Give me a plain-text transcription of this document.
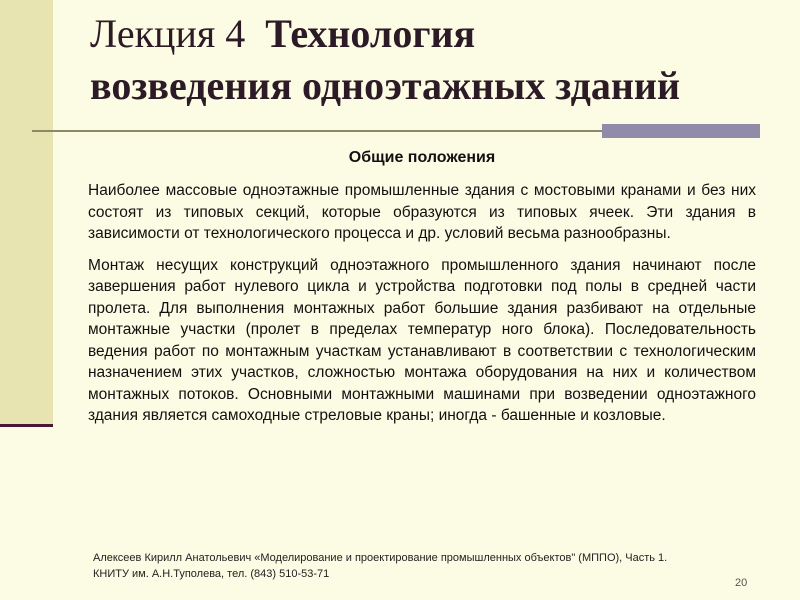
Лекция 4 Технология
возведения одноэтажных зданий
Общие положения

Наиболее массовые одноэтажные промышленные здания с мостовыми кранами и без них состоят из типовых секций, которые образуются из типовых ячеек. Эти здания в зависимости от технологического процесса и др. условий весьма разнообразны.

Монтаж несущих конструкций одноэтажного промышленного здания начинают после завершения работ нулевого цикла и устройства подготовки под полы в средней части пролета. Для выполнения монтажных работ большие здания разбивают на отдельные монтажные участки (пролет в пределах температур ного блока). Последовательность ведения работ по монтажным участкам устанавливают в соответствии с технологическим назначением этих участков, сложностью монтажа оборудования на них и количеством монтажных потоков. Основными монтажными машинами при возведении одноэтажного здания является самоходные стреловые краны; иногда - башенные и козловые.

Алексеев Кирилл Анатольевич «Моделирование и проектирование промышленных объектов" (МППО), Часть 1.
КНИТУ им. А.Н.Туполева, тел. (843) 510-53-71
20
